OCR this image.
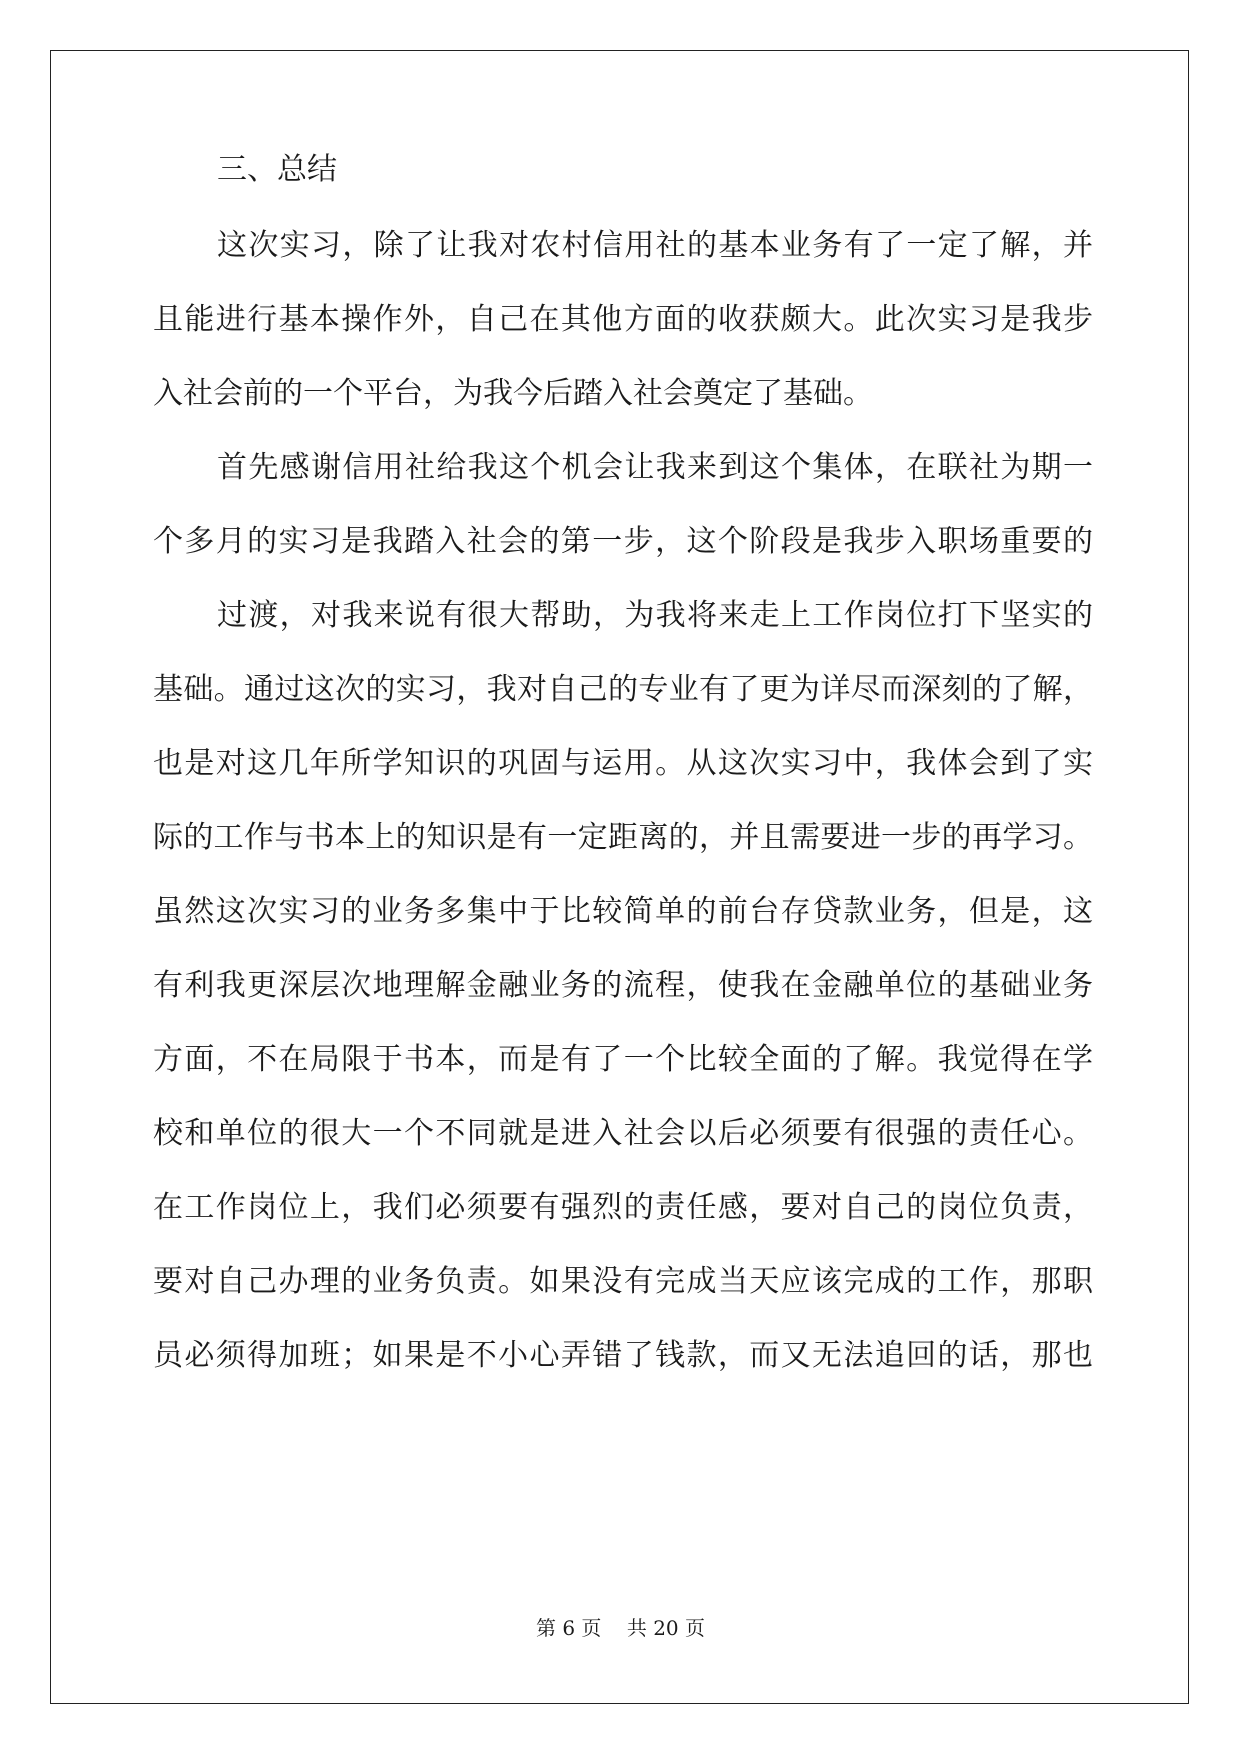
三、总结
这次实习，除了让我对农村信用社的基本业务有了一定了解，并
且能进行基本操作外，自己在其他方面的收获颇大。此次实习是我步
入社会前的一个平台，为我今后踏入社会奠定了基础。
首先感谢信用社给我这个机会让我来到这个集体，在联社为期一
个多月的实习是我踏入社会的第一步，这个阶段是我步入职场重要的
过渡，对我来说有很大帮助，为我将来走上工作岗位打下坚实的
基础。通过这次的实习，我对自己的专业有了更为详尽而深刻的了解，
也是对这几年所学知识的巩固与运用。从这次实习中，我体会到了实
际的工作与书本上的知识是有一定距离的，并且需要进一步的再学习。
虽然这次实习的业务多集中于比较简单的前台存贷款业务，但是，这
有利我更深层次地理解金融业务的流程，使我在金融单位的基础业务
方面，不在局限于书本，而是有了一个比较全面的了解。我觉得在学
校和单位的很大一个不同就是进入社会以后必须要有很强的责任心。
在工作岗位上，我们必须要有强烈的责任感，要对自己的岗位负责，
要对自己办理的业务负责。如果没有完成当天应该完成的工作，那职
员必须得加班；如果是不小心弄错了钱款，而又无法追回的话，那也
第 6 页    共 20 页
